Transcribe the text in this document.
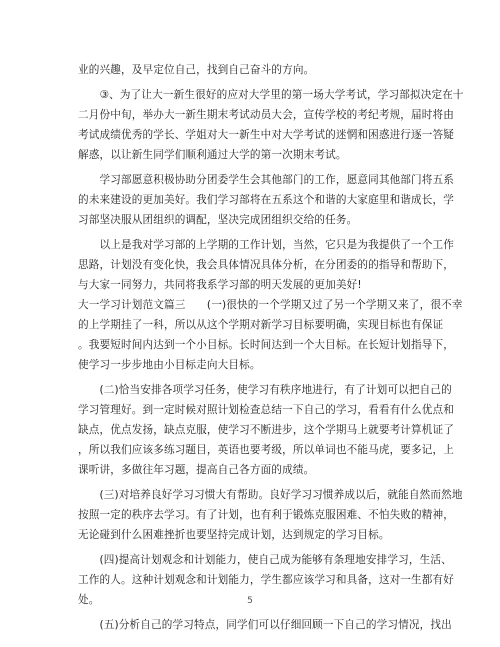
业的兴趣，及早定位自己，找到自己奋斗的方向。
　　③、为了让大一新生很好的应对大学里的第一场大学考试，学习部拟决定在十
二月份中旬，举办大一新生期末考试动员大会，宣传学校的考纪考规，届时将由
考试成绩优秀的学长、学姐对大一新生中对大学考试的迷惘和困惑进行逐一答疑
解惑，以让新生同学们顺利通过大学的第一次期末考试。
　　学习部愿意积极协助分团委学生会其他部门的工作，愿意同其他部门将五系
的未来建设的更加美好。我们学习部将在五系这个和谐的大家庭里和谐成长，学
习部坚决服从团组织的调配，坚决完成团组织交给的任务。
　　以上是我对学习部的上学期的工作计划，当然，它只是为我提供了一个工作
思路，计划没有变化快，我会具体情况具体分析，在分团委的的指导和帮助下，
与大家一同努力，共同将我系学习部的明天发展的更加美好!
大一学习计划范文篇三　　(一)很快的一个学期又过了另一个学期又来了，很不幸
的上学期挂了一科，所以从这个学期对新学习目标要明确，实现目标也有保证
。我要短时间内达到一个小目标。长时间达到一个大目标。在长短计划指导下，
使学习一步步地由小目标走向大目标。
　　(二)恰当安排各项学习任务，使学习有秩序地进行，有了计划可以把自己的
学习管理好。到一定时候对照计划检查总结一下自己的学习，看看有什么优点和
缺点，优点发扬，缺点克服，使学习不断进步，这个学期马上就要考计算机证了
，所以我们应该多练习题目，英语也要考级，所以单词也不能马虎，要多记，上
课听讲，多做往年习题，提高自己各方面的成绩。
　　(三)对培养良好学习习惯大有帮助。良好学习习惯养成以后，就能自然而然地
按照一定的秩序去学习。有了计划，也有利于锻炼克服困难、不怕失败的精神，
无论碰到什么困难挫折也要坚持完成计划，达到规定的学习目标。
　　(四)提高计划观念和计划能力，使自己成为能够有条理地安排学习，生活、
工作的人。这种计划观念和计划能力，学生都应该学习和具备，这对一生都有好
处。
　　(五)分析自己的学习特点，同学们可以仔细回顾一下自己的学习情况，找出
5
